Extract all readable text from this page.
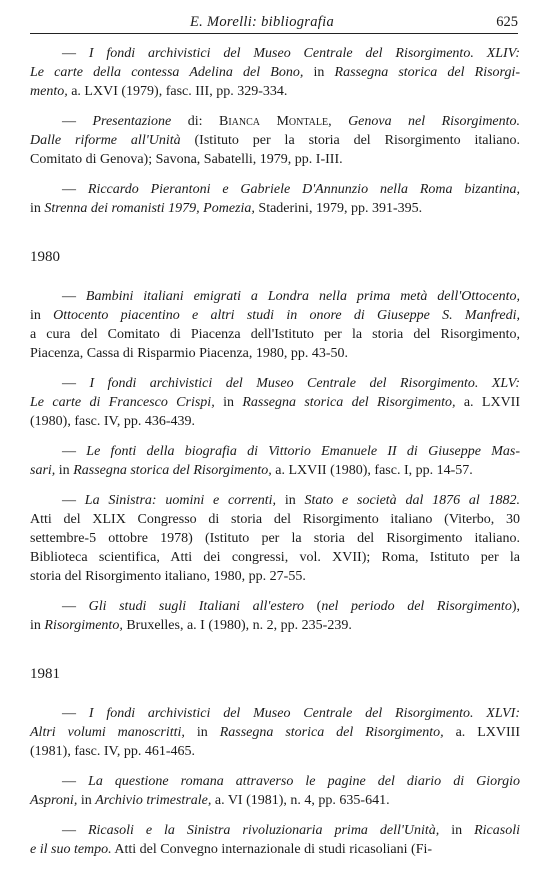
E. Morelli: bibliografia	625
— I fondi archivistici del Museo Centrale del Risorgimento. XLIV:
Le carte della contessa Adelina del Bono, in Rassegna storica del Risorgi-
mento, a. LXVI (1979), fasc. III, pp. 329-334.
— Presentazione di: Bianca Montale, Genova nel Risorgimento.
Dalle riforme all'Unità (Istituto per la storia del Risorgimento italiano.
Comitato di Genova); Savona, Sabatelli, 1979, pp. I-III.
— Riccardo Pierantoni e Gabriele D'Annunzio nella Roma bizantina,
in Strenna dei romanisti 1979, Pomezia, Staderini, 1979, pp. 391-395.
1980
— Bambini italiani emigrati a Londra nella prima metà dell'Ottocento,
in Ottocento piacentino e altri studi in onore di Giuseppe S. Manfredi,
a cura del Comitato di Piacenza dell'Istituto per la storia del Risorgimento,
Piacenza, Cassa di Risparmio Piacenza, 1980, pp. 43-50.
— I fondi archivistici del Museo Centrale del Risorgimento. XLV:
Le carte di Francesco Crispi, in Rassegna storica del Risorgimento, a. LXVII
(1980), fasc. IV, pp. 436-439.
— Le fonti della biografia di Vittorio Emanuele II di Giuseppe Mas-
sari, in Rassegna storica del Risorgimento, a. LXVII (1980), fasc. I, pp. 14-57.
— La Sinistra: uomini e correnti, in Stato e società dal 1876 al 1882.
Atti del XLIX Congresso di storia del Risorgimento italiano (Viterbo, 30
settembre-5 ottobre 1978) (Istituto per la storia del Risorgimento italiano.
Biblioteca scientifica, Atti dei congressi, vol. XVII); Roma, Istituto per la
storia del Risorgimento italiano, 1980, pp. 27-55.
— Gli studi sugli Italiani all'estero (nel periodo del Risorgimento),
in Risorgimento, Bruxelles, a. I (1980), n. 2, pp. 235-239.
1981
— I fondi archivistici del Museo Centrale del Risorgimento. XLVI:
Altri volumi manoscritti, in Rassegna storica del Risorgimento, a. LXVIII
(1981), fasc. IV, pp. 461-465.
— La questione romana attraverso le pagine del diario di Giorgio
Asproni, in Archivio trimestrale, a. VI (1981), n. 4, pp. 635-641.
— Ricasoli e la Sinistra rivoluzionaria prima dell'Unità, in Ricasoli
e il suo tempo. Atti del Convegno internazionale di studi ricasoliani (Fi-
